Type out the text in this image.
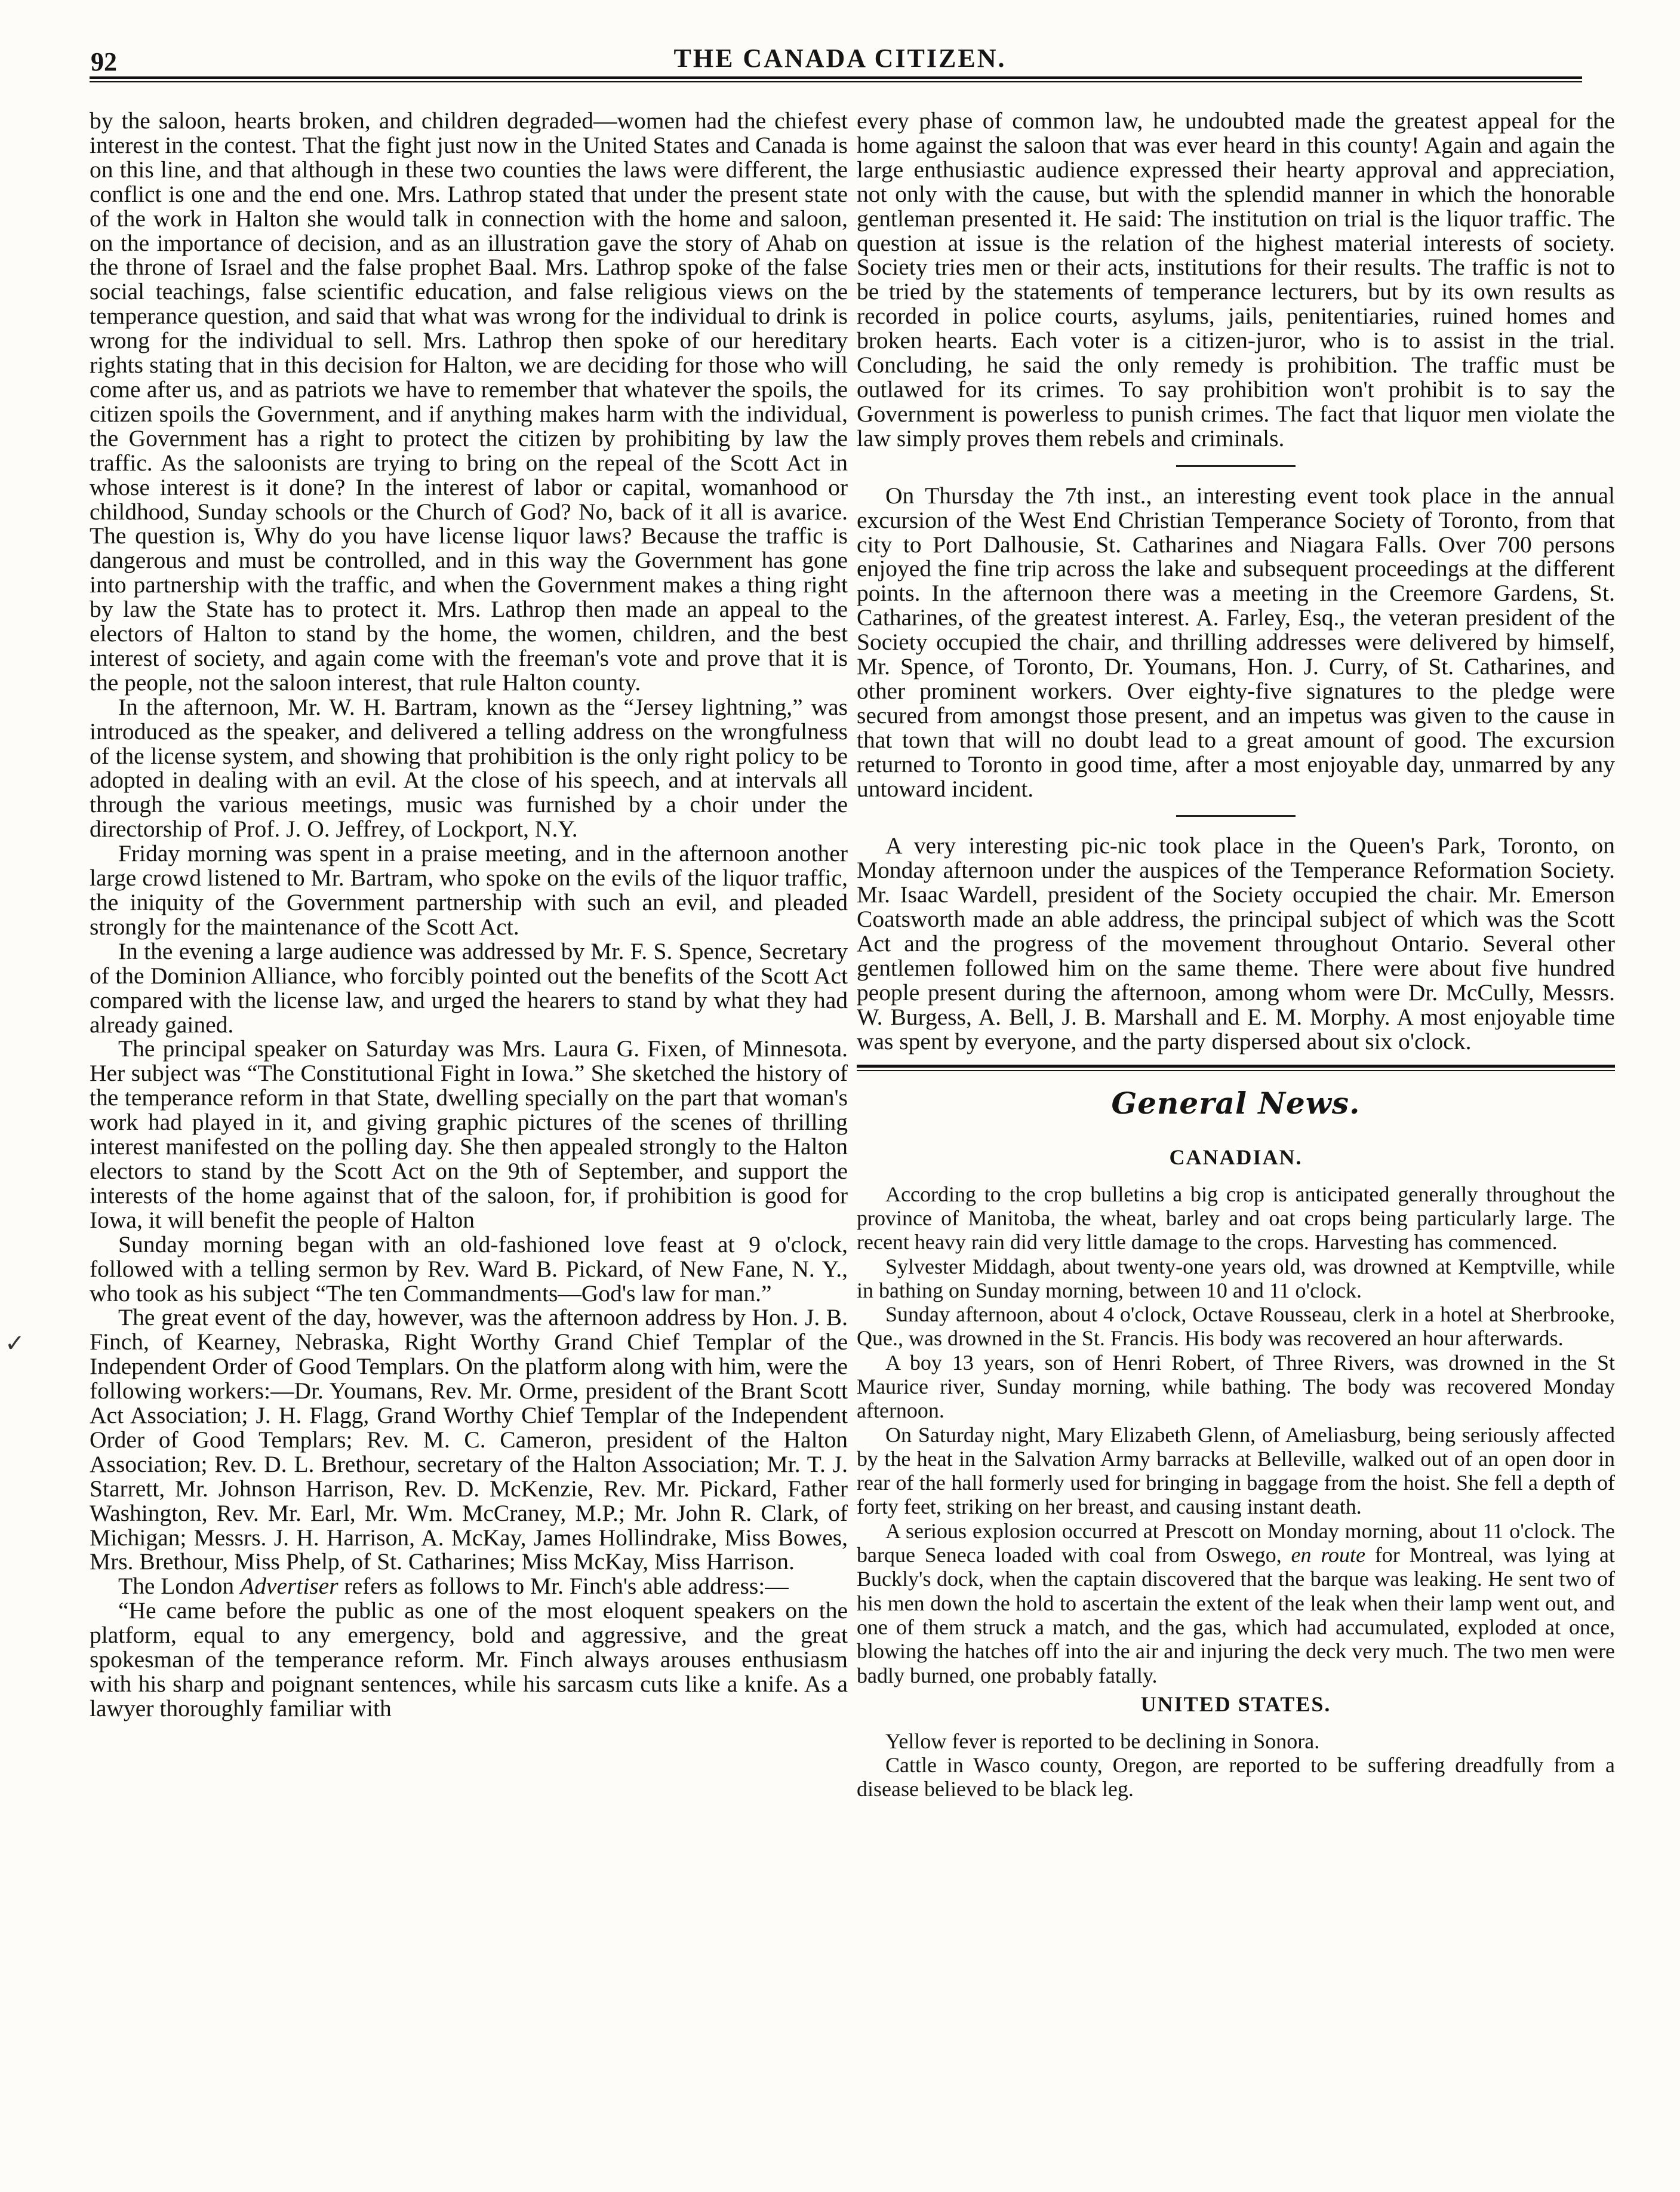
92	THE CANADA CITIZEN.
‏✓

by the saloon, hearts broken, and children degraded—women had the chiefest interest in the contest. That the fight just now in the United States and Canada is on this line, and that although in these two counties the laws were different, the conflict is one and the end one. Mrs. Lathrop stated that under the present state of the work in Halton she would talk in connection with the home and saloon, on the importance of decision, and as an illustration gave the story of Ahab on the throne of Israel and the false prophet Baal. Mrs. Lathrop spoke of the false social teachings, false scientific education, and false religious views on the temperance question, and said that what was wrong for the individual to drink is wrong for the individual to sell. Mrs. Lathrop then spoke of our hereditary rights stating that in this decision for Halton, we are deciding for those who will come after us, and as patriots we have to remember that whatever the spoils, the citizen spoils the Government, and if anything makes harm with the individual, the Government has a right to protect the citizen by prohibiting by law the traffic. As the saloonists are trying to bring on the repeal of the Scott Act in whose interest is it done? In the interest of labor or capital, womanhood or childhood, Sunday schools or the Church of God? No, back of it all is avarice. The question is, Why do you have license liquor laws? Because the traffic is dangerous and must be controlled, and in this way the Government has gone into partnership with the traffic, and when the Government makes a thing right by law the State has to protect it. Mrs. Lathrop then made an appeal to the electors of Halton to stand by the home, the women, children, and the best interest of society, and again come with the freeman's vote and prove that it is the people, not the saloon interest, that rule Halton county.

In the afternoon, Mr. W. H. Bartram, known as the “Jersey lightning,” was introduced as the speaker, and delivered a telling address on the wrongfulness of the license system, and showing that prohibition is the only right policy to be adopted in dealing with an evil. At the close of his speech, and at intervals all through the various meetings, music was furnished by a choir under the directorship of Prof. J. O. Jeffrey, of Lockport, N.Y.

Friday morning was spent in a praise meeting, and in the afternoon another large crowd listened to Mr. Bartram, who spoke on the evils of the liquor traffic, the iniquity of the Government partnership with such an evil, and pleaded strongly for the maintenance of the Scott Act.

In the evening a large audience was addressed by Mr. F. S. Spence, Secretary of the Dominion Alliance, who forcibly pointed out the benefits of the Scott Act compared with the license law, and urged the hearers to stand by what they had already gained.

The principal speaker on Saturday was Mrs. Laura G. Fixen, of Minnesota. Her subject was “The Constitutional Fight in Iowa.” She sketched the history of the temperance reform in that State, dwelling specially on the part that woman's work had played in it, and giving graphic pictures of the scenes of thrilling interest manifested on the polling day. She then appealed strongly to the Halton electors to stand by the Scott Act on the 9th of September, and support the interests of the home against that of the saloon, for, if prohibition is good for Iowa, it will benefit the people of Halton

Sunday morning began with an old-fashioned love feast at 9 o'clock, followed with a telling sermon by Rev. Ward B. Pickard, of New Fane, N. Y., who took as his subject “The ten Commandments—God's law for man.”

The great event of the day, however, was the afternoon address by Hon. J. B. Finch, of Kearney, Nebraska, Right Worthy Grand Chief Templar of the Independent Order of Good Templars. On the platform along with him, were the following workers:—Dr. Youmans, Rev. Mr. Orme, president of the Brant Scott Act Association; J. H. Flagg, Grand Worthy Chief Templar of the Independent Order of Good Templars; Rev. M. C. Cameron, president of the Halton Association; Rev. D. L. Brethour, secretary of the Halton Association; Mr. T. J. Starrett, Mr. Johnson Harrison, Rev. D. McKenzie, Rev. Mr. Pickard, Father Washington, Rev. Mr. Earl, Mr. Wm. McCraney, M.P.; Mr. John R. Clark, of Michigan; Messrs. J. H. Harrison, A. McKay, James Hollindrake, Miss Bowes, Mrs. Brethour, Miss Phelp, of St. Catharines; Miss McKay, Miss Harrison.

The London Advertiser refers as follows to Mr. Finch's able address:—

“He came before the public as one of the most eloquent speakers on the platform, equal to any emergency, bold and aggressive, and the great spokesman of the temperance reform. Mr. Finch always arouses enthusiasm with his sharp and poignant sentences, while his sarcasm cuts like a knife. As a lawyer thoroughly familiar with

every phase of common law, he undoubted made the greatest appeal for the home against the saloon that was ever heard in this county! Again and again the large enthusiastic audience expressed their hearty approval and appreciation, not only with the cause, but with the splendid manner in which the honorable gentleman presented it. He said: The institution on trial is the liquor traffic. The question at issue is the relation of the highest material interests of society. Society tries men or their acts, institutions for their results. The traffic is not to be tried by the statements of temperance lecturers, but by its own results as recorded in police courts, asylums, jails, penitentiaries, ruined homes and broken hearts. Each voter is a citizen-juror, who is to assist in the trial. Concluding, he said the only remedy is prohibition. The traffic must be outlawed for its crimes. To say prohibition won't prohibit is to say the Government is powerless to punish crimes. The fact that liquor men violate the law simply proves them rebels and criminals.

On Thursday the 7th inst., an interesting event took place in the annual excursion of the West End Christian Temperance Society of Toronto, from that city to Port Dalhousie, St. Catharines and Niagara Falls. Over 700 persons enjoyed the fine trip across the lake and subsequent proceedings at the different points. In the afternoon there was a meeting in the Creemore Gardens, St. Catharines, of the greatest interest. A. Farley, Esq., the veteran president of the Society occupied the chair, and thrilling addresses were delivered by himself, Mr. Spence, of Toronto, Dr. Youmans, Hon. J. Curry, of St. Catharines, and other prominent workers. Over eighty-five signatures to the pledge were secured from amongst those present, and an impetus was given to the cause in that town that will no doubt lead to a great amount of good. The excursion returned to Toronto in good time, after a most enjoyable day, unmarred by any untoward incident.

A very interesting pic-nic took place in the Queen's Park, Toronto, on Monday afternoon under the auspices of the Temperance Reformation Society. Mr. Isaac Wardell, president of the Society occupied the chair. Mr. Emerson Coatsworth made an able address, the principal subject of which was the Scott Act and the progress of the movement throughout Ontario. Several other gentlemen followed him on the same theme. There were about five hundred people present during the afternoon, among whom were Dr. McCully, Messrs. W. Burgess, A. Bell, J. B. Marshall and E. M. Morphy. A most enjoyable time was spent by everyone, and the party dispersed about six o'clock.

General News.
CANADIAN.

According to the crop bulletins a big crop is anticipated generally throughout the province of Manitoba, the wheat, barley and oat crops being particularly large. The recent heavy rain did very little damage to the crops. Harvesting has commenced.

Sylvester Middagh, about twenty-one years old, was drowned at Kemptville, while in bathing on Sunday morning, between 10 and 11 o'clock.

Sunday afternoon, about 4 o'clock, Octave Rousseau, clerk in a hotel at Sherbrooke, Que., was drowned in the St. Francis. His body was recovered an hour afterwards.

A boy 13 years, son of Henri Robert, of Three Rivers, was drowned in the St Maurice river, Sunday morning, while bathing. The body was recovered Monday afternoon.

On Saturday night, Mary Elizabeth Glenn, of Ameliasburg, being seriously affected by the heat in the Salvation Army barracks at Belleville, walked out of an open door in rear of the hall formerly used for bringing in baggage from the hoist. She fell a depth of forty feet, striking on her breast, and causing instant death.

A serious explosion occurred at Prescott on Monday morning, about 11 o'clock. The barque Seneca loaded with coal from Oswego, en route for Montreal, was lying at Buckly's dock, when the captain discovered that the barque was leaking. He sent two of his men down the hold to ascertain the extent of the leak when their lamp went out, and one of them struck a match, and the gas, which had accumulated, exploded at once, blowing the hatches off into the air and injuring the deck very much. The two men were badly burned, one probably fatally.

UNITED STATES.

Yellow fever is reported to be declining in Sonora.

Cattle in Wasco county, Oregon, are reported to be suffering dreadfully from a disease believed to be black leg.
